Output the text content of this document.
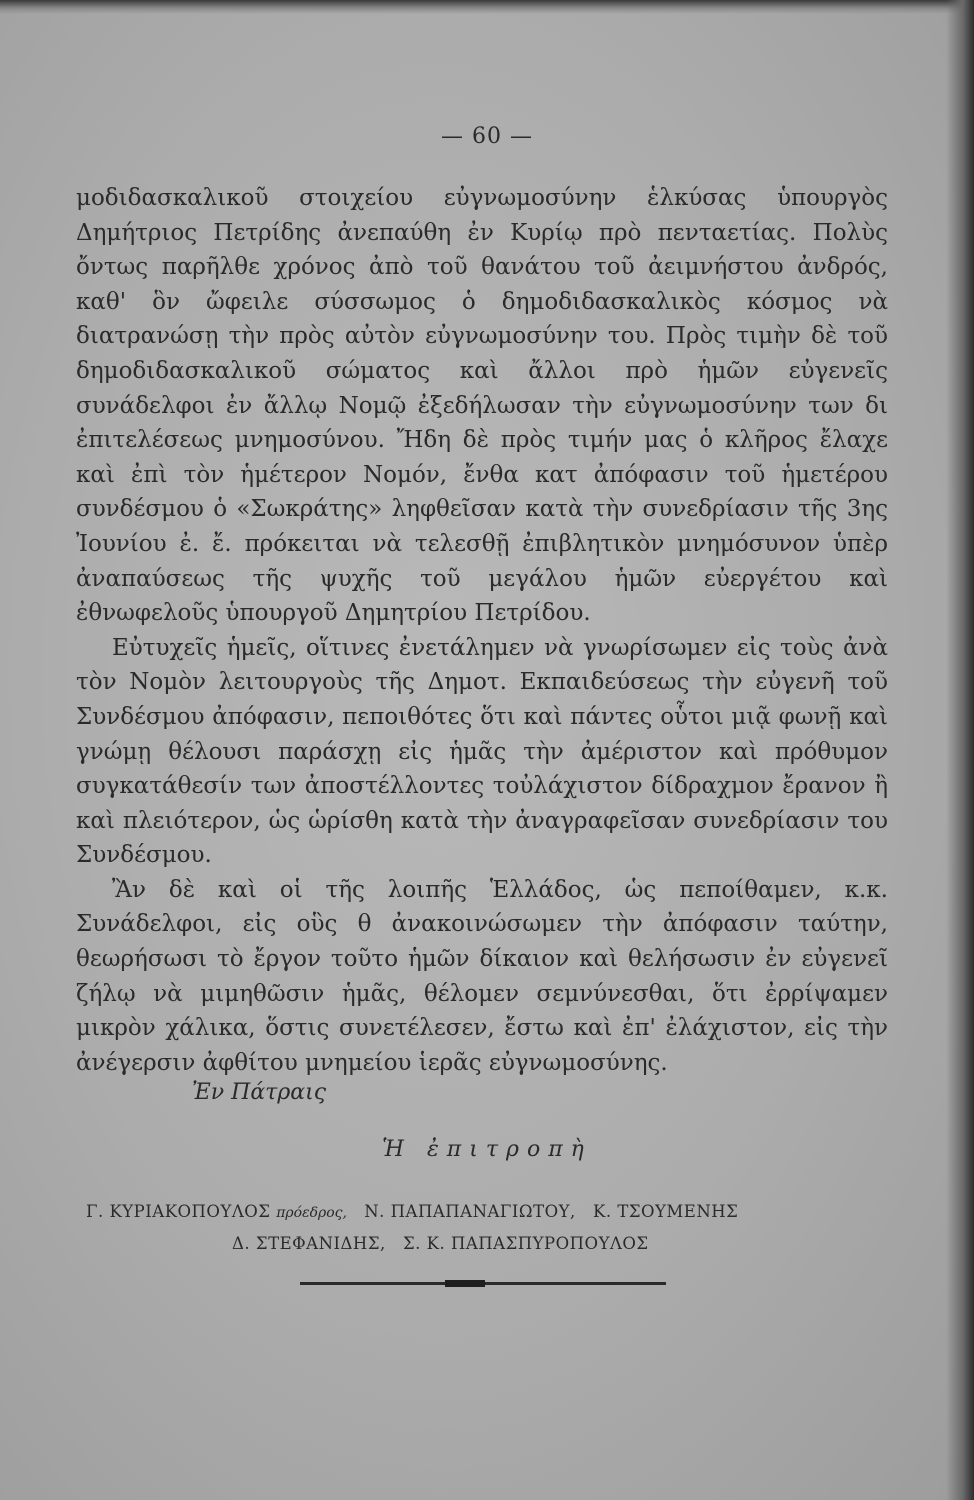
— 60 —

μοδιδασκαλικοῦ στοιχείου εὐγνωμοσύνην ἑλκύσας ὑπουργὸς Δημήτριος Πετρίδης ἀνεπαύθη ἐν Κυρίῳ πρὸ πενταετίας. Πολὺς ὄντως παρῆλθε χρόνος ἀπὸ τοῦ θανάτου τοῦ ἀειμνήστου ἀνδρός, καθ' ὃν ὤφειλε σύσσωμος ὁ δημοδιδασκαλικὸς κόσμος νὰ διατρανώσῃ τὴν πρὸς αὐτὸν εὐγνωμοσύνην του. Πρὸς τιμὴν δὲ τοῦ δημοδιδασκαλικοῦ σώματος καὶ ἄλλοι πρὸ ἡμῶν εὐγενεῖς συνάδελφοι ἐν ἄλλῳ Νομῷ ἐξεδήλωσαν τὴν εὐγνωμοσύνην των δι ἐπιτελέσεως μνημοσύνου. Ἤδη δὲ πρὸς τιμήν μας ὁ κλῆρος ἔλαχε καὶ ἐπὶ τὸν ἡμέτερον Νομόν, ἔνθα κατ ἀπόφασιν τοῦ ἡμετέρου συνδέσμου ὁ «Σωκράτης» ληφθεῖσαν κατὰ τὴν συνεδρίασιν τῆς 3ης Ἰουνίου ἐ. ἔ. πρόκειται νὰ τελεσθῇ ἐπιβλητικὸν μνημόσυνον ὑπὲρ ἀναπαύσεως τῆς ψυχῆς τοῦ μεγάλου ἡμῶν εὐεργέτου καὶ ἐθνωφελοῦς ὑπουργοῦ Δημητρίου Πετρίδου.

Εὐτυχεῖς ἡμεῖς, οἵτινες ἐνετάλημεν νὰ γνωρίσωμεν εἰς τοὺς ἀνὰ τὸν Νομὸν λειτουργοὺς τῆς Δημοτ. Εκπαιδεύσεως τὴν εὐγενῆ τοῦ Συνδέσμου ἀπόφασιν, πεποιθότες ὅτι καὶ πάντες οὗτοι μιᾷ φωνῇ καὶ γνώμῃ θέλουσι παράσχῃ εἰς ἡμᾶς τὴν ἀμέριστον καὶ πρόθυμον συγκατάθεσίν των ἀποστέλλοντες τοὐλάχιστον δίδραχμον ἔρανον ἢ καὶ πλειότερον, ὡς ὡρίσθη κατὰ τὴν ἀναγραφεῖσαν συνεδρίασιν του Συνδέσμου.

Ἂν δὲ καὶ οἱ τῆς λοιπῆς Ἑλλάδος, ὡς πεποίθαμεν, κ.κ. Συνάδελφοι, εἰς οὓς θ ἀνακοινώσωμεν τὴν ἀπόφασιν ταύτην, θεωρήσωσι τὸ ἔργον τοῦτο ἡμῶν δίκαιον καὶ θελήσωσιν ἐν εὐγενεῖ ζήλῳ νὰ μιμηθῶσιν ἡμᾶς, θέλομεν σεμνύνεσθαι, ὅτι ἐρρίψαμεν μικρὸν χάλικα, ὅστις συνετέλεσεν, ἔστω καὶ ἐπ' ἐλάχιστον, εἰς τὴν ἀνέγερσιν ἀφθίτου μνημείου ἱερᾶς εὐγνωμοσύνης.

Ἐν Πάτραις
Ἡ ἐπιτροπὴ
Γ. ΚΥΡΙΑΚΟΠΟΥΛΟΣ πρόεδρος, Ν. ΠΑΠΑΠΑΝΑΓΙΩΤΟΥ, Κ. ΤΣΟΥΜΕΝΗΣ
Δ. ΣΤΕΦΑΝΙΔΗΣ, Σ. Κ. ΠΑΠΑΣΠΥΡΟΠΟΥΛΟΣ
